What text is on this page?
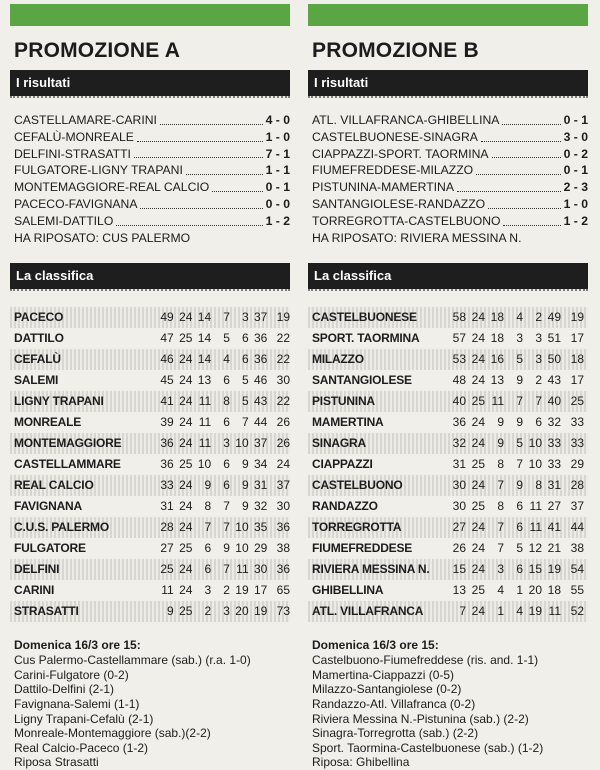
PROMOZIONE A
I risultati
CASTELLAMARE-CARINI	4 - 0
CEFALÙ-MONREALE	1 - 0
DELFINI-STRASATTI	7 - 1
FULGATORE-LIGNY TRAPANI	1 - 1
MONTEMAGGIORE-REAL CALCIO	0 - 1
PACECO-FAVIGNANA	0 - 0
SALEMI-DATTILO	1 - 2
HA RIPOSATO: CUS PALERMO
La classifica
PACECO	49 24 14	7	3 37 19
DATTILO	47 25 14	5	6 36 22
CEFALÙ	46 24 14	4	6 36 22
SALEMI	45 24 13	6	5 46 30
LIGNY TRAPANI	41 24 11	8	5 43 22
MONREALE	39 24 11	6	7 44 26
MONTEMAGGIORE	36 24 11	3 10 37 26
CASTELLAMMARE	36 25 10	6	9 34 24
REAL CALCIO	33 24	9	6	9 31 37
FAVIGNANA	31 24	8	7	9 32 30
C.U.S. PALERMO	28 24	7	7 10 35 36
FULGATORE	27 25	6	9 10 29 38
DELFINI	25 24	6	7 11 30 36
CARINI	11 24	3	2 19 17 65
STRASATTI	9 25	2	3 20 19 73
Domenica 16/3 ore 15:
Cus Palermo-Castellammare (sab.) (r.a. 1-0)
Carini-Fulgatore (0-2)
Dattilo-Delfini (2-1)
Favignana-Salemi (1-1)
Ligny Trapani-Cefalù (2-1)
Monreale-Montemaggiore (sab.)(2-2)
Real Calcio-Paceco (1-2)
Riposa Strasatti
PROMOZIONE B
I risultati
ATL. VILLAFRANCA-GHIBELLINA	0 - 1
CASTELBUONESE-SINAGRA	3 - 0
CIAPPAZZI-SPORT. TAORMINA	0 - 2
FIUMEFREDDESE-MILAZZO	0 - 1
PISTUNINA-MAMERTINA	2 - 3
SANTANGIOLESE-RANDAZZO	1 - 0
TORREGROTTA-CASTELBUONO	1 - 2
HA RIPOSATO: RIVIERA MESSINA N.
La classifica
CASTELBUONESE	58 24 18	4	2 49 19
SPORT. TAORMINA	57 24 18	3	3 51 17
MILAZZO	53 24 16	5	3 50 18
SANTANGIOLESE	48 24 13	9	2 43 17
PISTUNINA	40 25 11	7	7 40 25
MAMERTINA	36 24	9	9	6 32 33
SINAGRA	32 24	9	5 10 33 33
CIAPPAZZI	31 25	8	7 10 33 29
CASTELBUONO	30 24	7	9	8 31 28
RANDAZZO	30 25	8	6 11 27 37
TORREGROTTA	27 24	7	6 11 41 44
FIUMEFREDDESE	26 24	7	5 12 21 38
RIVIERA MESSINA N.	15 24	3	6 15 19 54
GHIBELLINA	13 25	4	1 20 18 55
ATL. VILLAFRANCA	7 24	1	4 19 11 52
Domenica 16/3 ore 15:
Castelbuono-Fiumefreddese (ris. and. 1-1)
Mamertina-Ciappazzi (0-5)
Milazzo-Santangiolese (0-2)
Randazzo-Atl. Villafranca (0-2)
Riviera Messina N.-Pistunina (sab.) (2-2)
Sinagra-Torregrotta (sab.) (2-2)
Sport. Taormina-Castelbuonese (sab.) (1-2)
Riposa: Ghibellina
